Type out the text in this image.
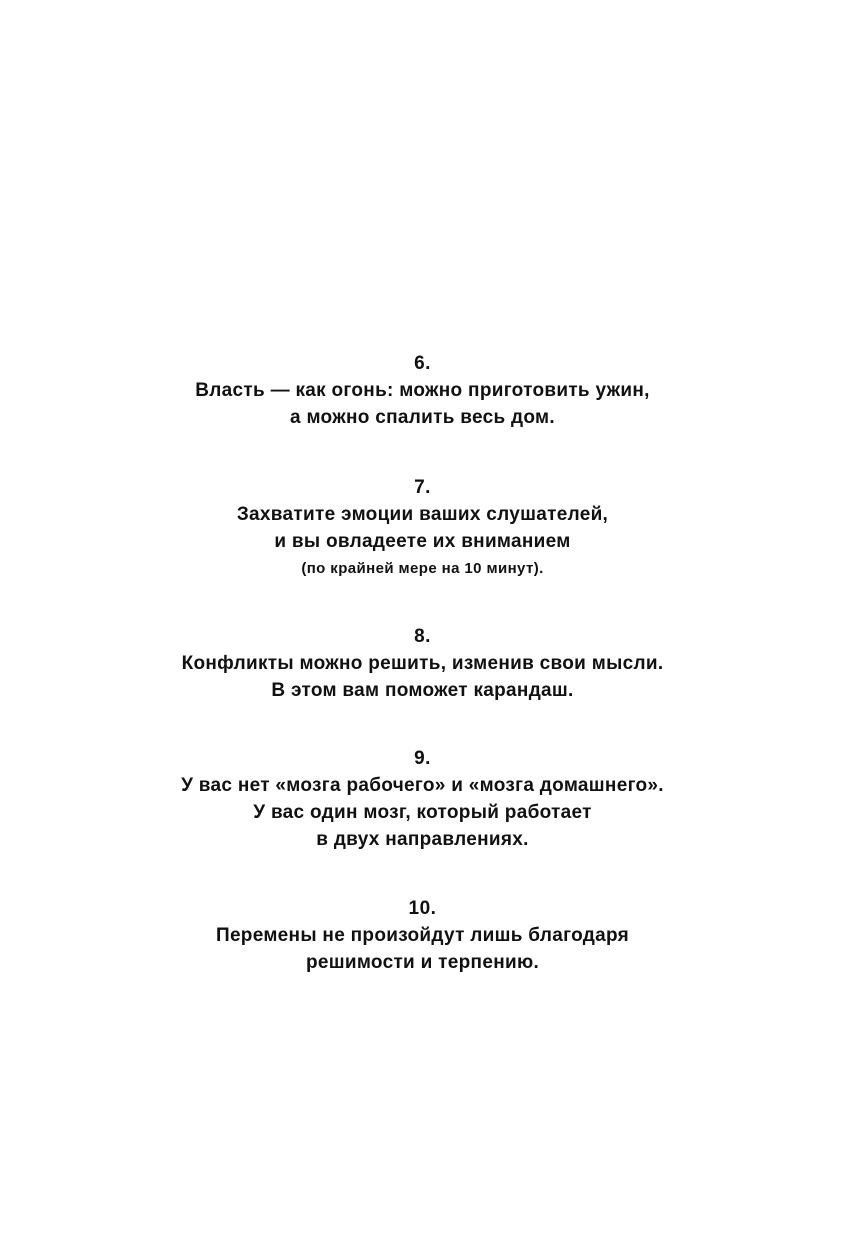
6.
Власть — как огонь: можно приготовить ужин,
а можно спалить весь дом.
7.
Захватите эмоции ваших слушателей,
и вы овладеете их вниманием
(по крайней мере на 10 минут).
8.
Конфликты можно решить, изменив свои мысли.
В этом вам поможет карандаш.
9.
У вас нет «мозга рабочего» и «мозга домашнего».
У вас один мозг, который работает
в двух направлениях.
10.
Перемены не произойдут лишь благодаря
решимости и терпению.
